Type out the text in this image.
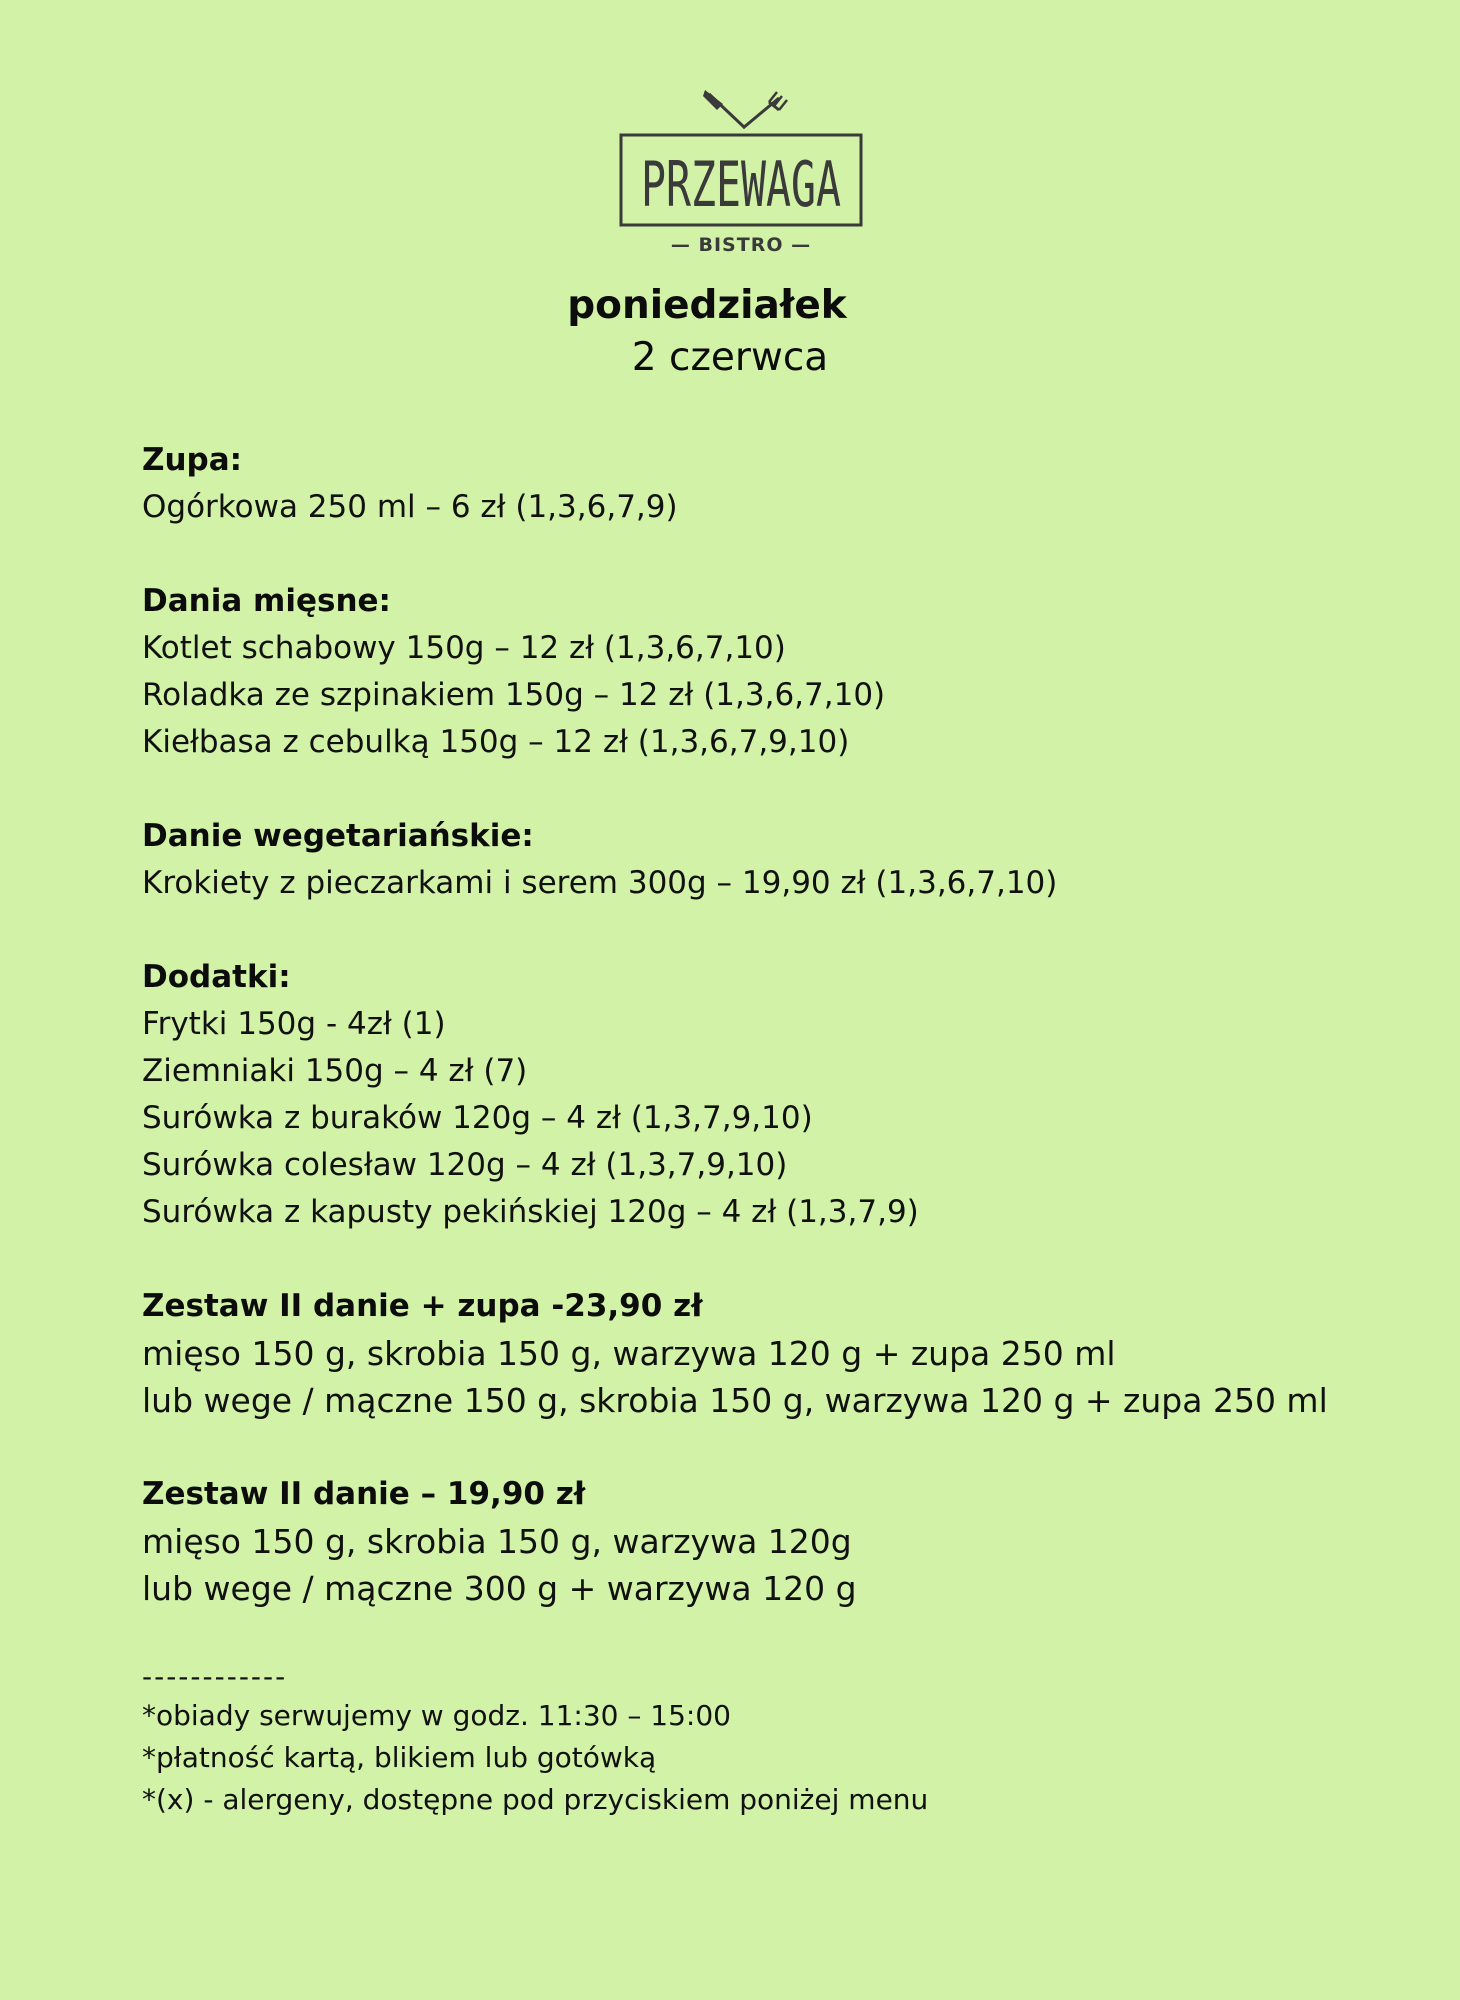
PRZEWAGA
— BISTRO —
poniedziałek
2 czerwca
Zupa:
Ogórkowa 250 ml – 6 zł (1,3,6,7,9)
Dania mięsne:
Kotlet schabowy 150g – 12 zł (1,3,6,7,10)
Roladka ze szpinakiem 150g – 12 zł (1,3,6,7,10)
Kiełbasa z cebulką 150g – 12 zł (1,3,6,7,9,10)
Danie wegetariańskie:
Krokiety z pieczarkami i serem 300g – 19,90 zł (1,3,6,7,10)
Dodatki:
Frytki 150g - 4zł (1)
Ziemniaki 150g – 4 zł (7)
Surówka z buraków 120g – 4 zł (1,3,7,9,10)
Surówka colesław 120g – 4 zł (1,3,7,9,10)
Surówka z kapusty pekińskiej 120g – 4 zł (1,3,7,9)
Zestaw II danie + zupa -23,90 zł
mięso 150 g, skrobia 150 g, warzywa 120 g + zupa 250 ml
lub wege / mączne 150 g, skrobia 150 g, warzywa 120 g + zupa 250 ml
Zestaw II danie – 19,90 zł
mięso 150 g, skrobia 150 g, warzywa 120g
lub wege / mączne 300 g + warzywa 120 g
------------
*obiady serwujemy w godz. 11:30 – 15:00
*płatność kartą, blikiem lub gotówką
*(x) - alergeny, dostępne pod przyciskiem poniżej menu
